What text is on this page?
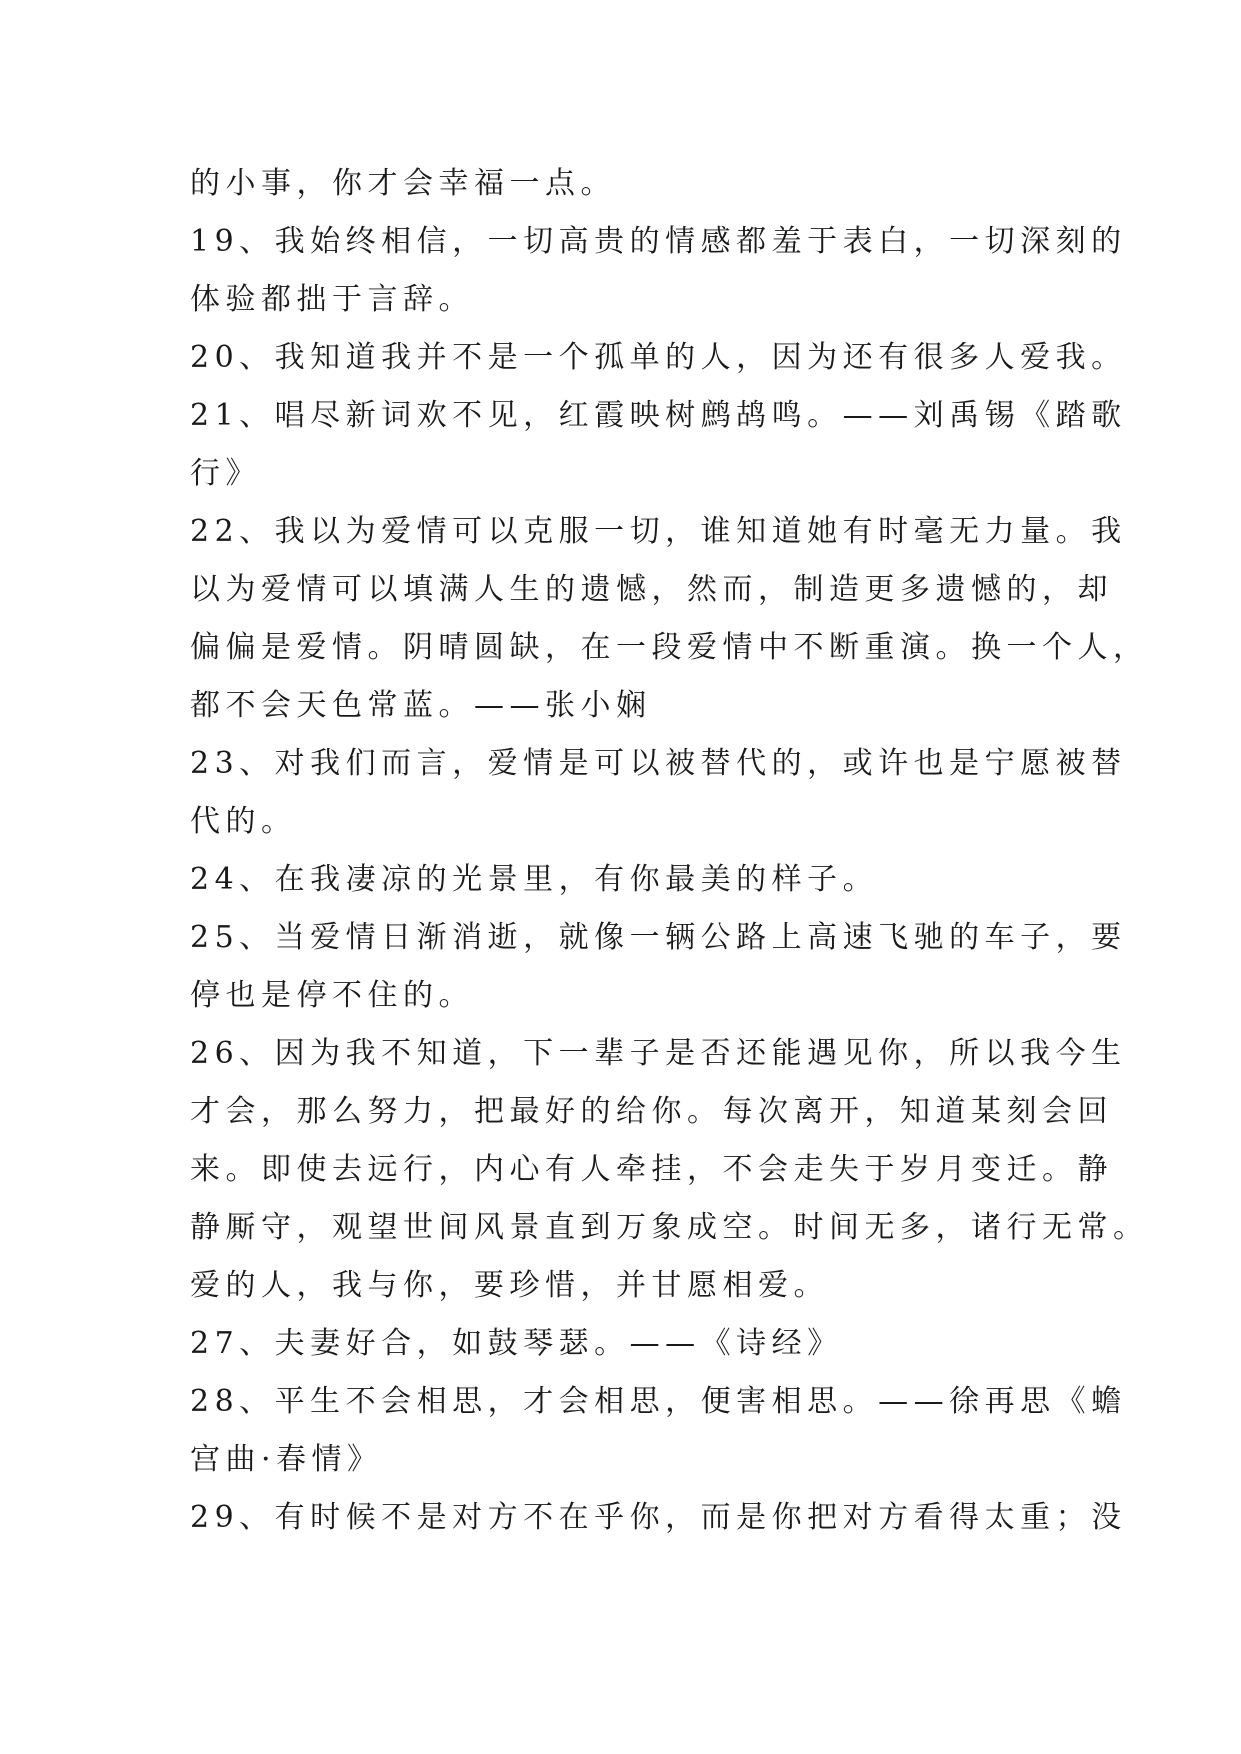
的小事，你才会幸福一点。
19、我始终相信，一切高贵的情感都羞于表白，一切深刻的
体验都拙于言辞。
20、我知道我并不是一个孤单的人，因为还有很多人爱我。
21、唱尽新词欢不见，红霞映树鹧鸪鸣。——刘禹锡《踏歌
行》
22、我以为爱情可以克服一切，谁知道她有时毫无力量。我
以为爱情可以填满人生的遗憾，然而，制造更多遗憾的，却
偏偏是爱情。阴晴圆缺，在一段爱情中不断重演。换一个人，
都不会天色常蓝。——张小娴
23、对我们而言，爱情是可以被替代的，或许也是宁愿被替
代的。
24、在我凄凉的光景里，有你最美的样子。
25、当爱情日渐消逝，就像一辆公路上高速飞驰的车子，要
停也是停不住的。
26、因为我不知道，下一辈子是否还能遇见你，所以我今生
才会，那么努力，把最好的给你。每次离开，知道某刻会回
来。即使去远行，内心有人牵挂，不会走失于岁月变迁。静
静厮守，观望世间风景直到万象成空。时间无多，诸行无常。
爱的人，我与你，要珍惜，并甘愿相爱。
27、夫妻好合，如鼓琴瑟。——《诗经》
28、平生不会相思，才会相思，便害相思。——徐再思《蟾
宫曲·春情》
29、有时候不是对方不在乎你，而是你把对方看得太重；没
